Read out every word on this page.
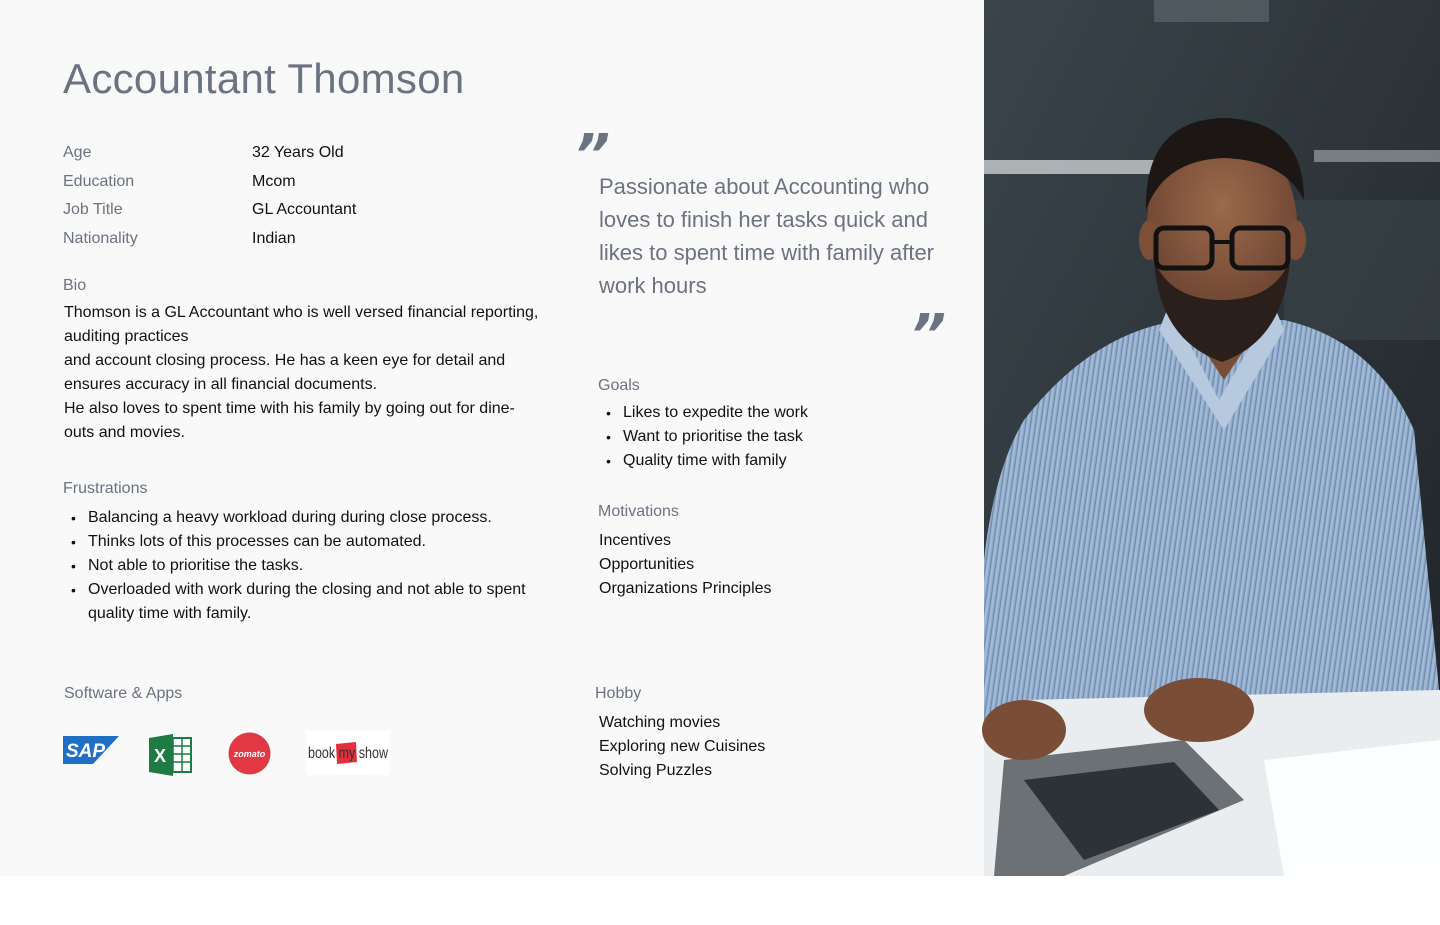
Accountant Thomson
Age	32 Years Old
Education	Mcom
Job Title	GL Accountant
Nationality	Indian
Bio

Thomson is a GL Accountant who is well versed financial reporting, auditing practices

and account closing process. He has a keen eye for detail and ensures accuracy in all financial documents.

He also loves to spent time with his family by going out for dine-outs and movies.

Frustrations
• Balancing a heavy workload during during close process.
• Thinks lots of this processes can be automated.
• Not able to prioritise the tasks.
• Overloaded with work during the closing and not able to spent quality time with family.
Software & Apps
SAP	X	zomato	book my show
”
Passionate about Accounting who loves to finish her tasks quick and likes to spent time with family after work hours
”
Goals
• Likes to expedite the work
• Want to prioritise the task
• Quality time with family
Motivations
Incentives
Opportunities
Organizations Principles
Hobby
Watching movies
Exploring new Cuisines
Solving Puzzles
